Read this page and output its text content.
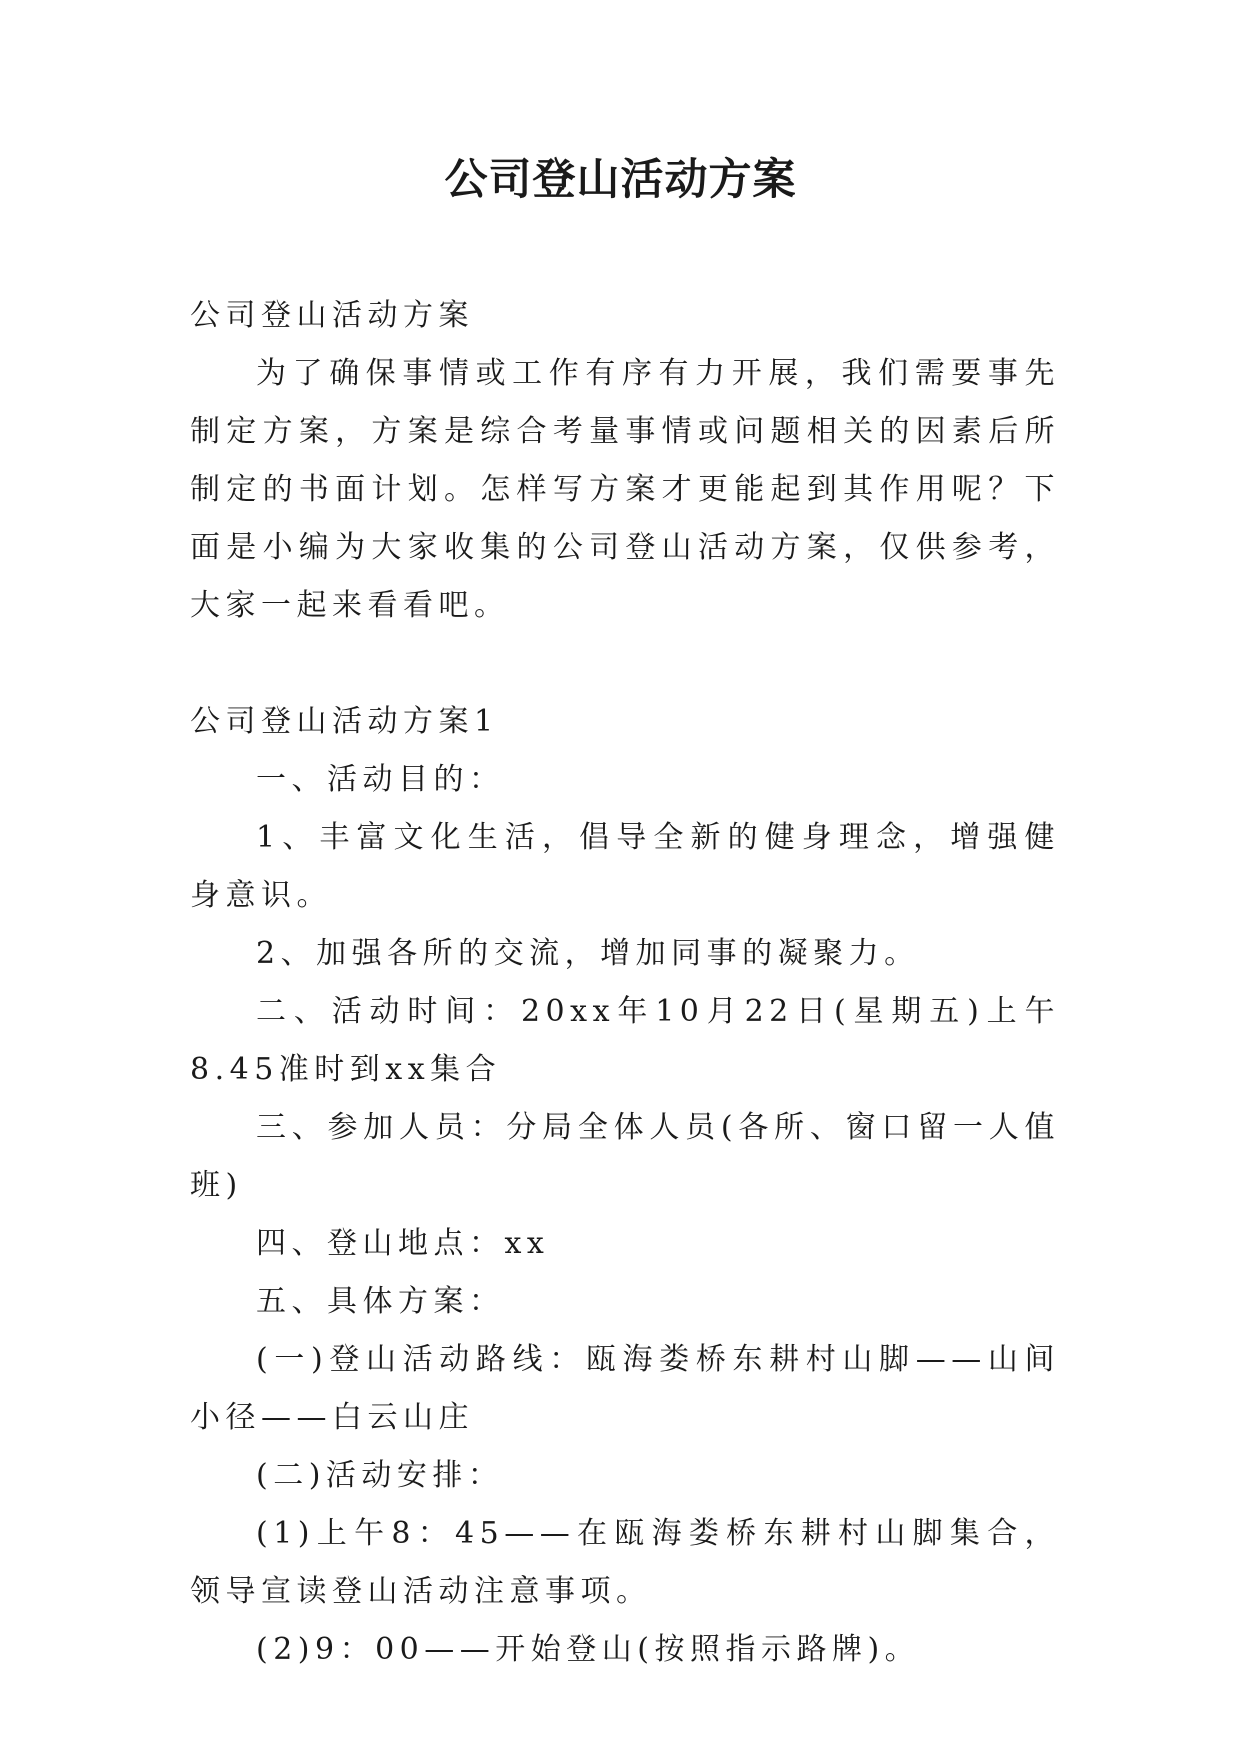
公司登山活动方案

公司登山活动方案

为了确保事情或工作有序有力开展，我们需要事先制定方案，方案是综合考量事情或问题相关的因素后所制定的书面计划。怎样写方案才更能起到其作用呢？下面是小编为大家收集的公司登山活动方案，仅供参考，大家一起来看看吧。

公司登山活动方案1

一、活动目的：

1、丰富文化生活，倡导全新的健身理念，增强健身意识。

2、加强各所的交流，增加同事的凝聚力。

二、活动时间：20xx年10月22日(星期五)上午8.45准时到xx集合

三、参加人员：分局全体人员(各所、窗口留一人值班)

四、登山地点：xx

五、具体方案：

(一)登山活动路线：瓯海娄桥东耕村山脚——山间小径——白云山庄

(二)活动安排：

(1)上午8：45——在瓯海娄桥东耕村山脚集合，领导宣读登山活动注意事项。

(2)9：00——开始登山(按照指示路牌)。
